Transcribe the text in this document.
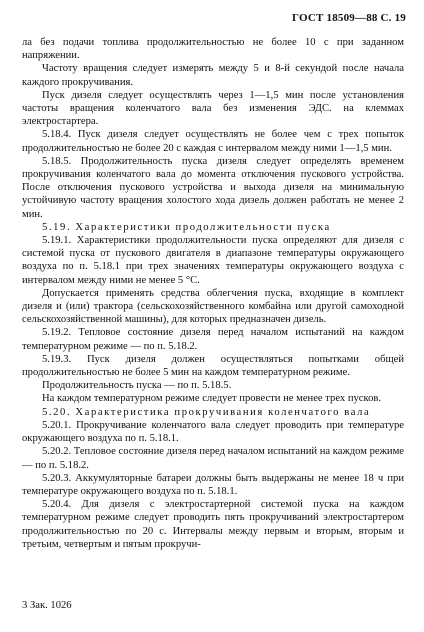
ГОСТ 18509—88 С. 19

ла без подачи топлива продолжительностью не более 10 с при заданном напряжении.

Частоту вращения следует измерять между 5 и 8-й секундой после начала каждого прокручивания.

Пуск дизеля следует осуществлять через 1—1,5 мин после установления частоты вращения коленчатого вала без изменения ЭДС. на клеммах электростартера.

5.18.4. Пуск дизеля следует осуществлять не более чем с трех попыток продолжительностью не более 20 с каждая с интервалом между ними 1—1,5 мин.

5.18.5. Продолжительность пуска дизеля следует определять временем прокручивания коленчатого вала до момента отключения пускового устройства. После отключения пускового устройства и выхода дизеля на минимальную устойчивую частоту вращения холостого хода дизель должен работать не менее 2 мин.

5.19. Характеристики продолжительности пуска

5.19.1. Характеристики продолжительности пуска определяют для дизеля с системой пуска от пускового двигателя в диапазоне температуры окружающего воздуха по п. 5.18.1 при трех значениях температуры окружающего воздуха с интервалом между ними не менее 5 °С.

Допускается применять средства облегчения пуска, входящие в комплект дизеля и (или) трактора (сельскохозяйственного комбайна или другой самоходной сельскохозяйственной машины), для которых предназначен дизель.

5.19.2. Тепловое состояние дизеля перед началом испытаний на каждом температурном режиме — по п. 5.18.2.

5.19.3. Пуск дизеля должен осуществляться попытками общей продолжительностью не более 5 мин на каждом температурном режиме.

Продолжительность пуска — по п. 5.18.5.

На каждом температурном режиме следует провести не менее трех пусков.

5.20. Характеристика прокручивания коленчатого вала

5.20.1. Прокручивание коленчатого вала следует проводить при температуре окружающего воздуха по п. 5.18.1.

5.20.2. Тепловое состояние дизеля перед началом испытаний на каждом режиме — по п. 5.18.2.

5.20.3. Аккумуляторные батареи должны быть выдержаны не менее 18 ч при температуре окружающего воздуха по п. 5.18.1.

5.20.4. Для дизеля с электростартерной системой пуска на каждом температурном режиме следует проводить пять прокручиваний электростартером продолжительностью по 20 с. Интервалы между первым и вторым, вторым и третьим, четвертым и пятым прокручи-

3 Зак. 1026
